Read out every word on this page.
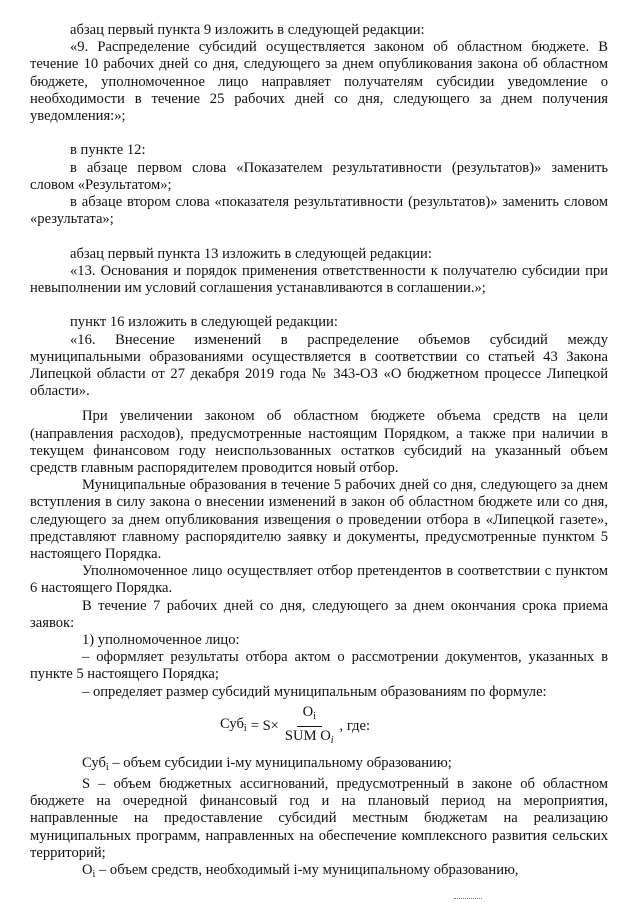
абзац первый пункта 9 изложить в следующей редакции:

«9. Распределение субсидий осуществляется законом об областном бюджете. В течение 10 рабочих дней со дня, следующего за днем опубликования закона об областном бюджете, уполномоченное лицо направляет получателям субсидии уведомление о необходимости в течение 25 рабочих дней со дня, следующего за днем получения уведомления:»;

в пункте 12:

в абзаце первом слова «Показателем результативности (результатов)» заменить словом «Результатом»;

в абзаце втором слова «показателя результативности (результатов)» заменить словом «результата»;

абзац первый пункта 13 изложить в следующей редакции:

«13. Основания и порядок применения ответственности к получателю субсидии при невыполнении им условий соглашения устанавливаются в соглашении.»;

пункт 16 изложить в следующей редакции:

«16. Внесение изменений в распределение объемов субсидий между муниципальными образованиями осуществляется в соответствии со статьей 43 Закона Липецкой области от 27 декабря 2019 года № 343-ОЗ «О бюджетном процессе Липецкой области».

При увеличении законом об областном бюджете объема средств на цели (направления расходов), предусмотренные настоящим Порядком, а также при наличии в текущем финансовом году неиспользованных остатков субсидий на указанный объем средств главным распорядителем проводится новый отбор.

Муниципальные образования в течение 5 рабочих дней со дня, следующего за днем вступления в силу закона о внесении изменений в закон об областном бюджете или со дня, следующего за днем опубликования извещения о проведении отбора в «Липецкой газете», представляют главному распорядителю заявку и документы, предусмотренные пунктом 5 настоящего Порядка.

Уполномоченное лицо осуществляет отбор претендентов в соответствии с пунктом 6 настоящего Порядка.

В течение 7 рабочих дней со дня, следующего за днем окончания срока приема заявок:

1) уполномоченное лицо:

– оформляет результаты отбора актом о рассмотрении документов, указанных в пункте 5 настоящего Порядка;

– определяет размер субсидий муниципальным образованиям по формуле:

$Суб_i = S\times \frac{O_i}{SUM O_i}$ , где:

Суб$_i$ – объем субсидии i-му муниципальному образованию;

S – объем бюджетных ассигнований, предусмотренный в законе об областном бюджете на очередной финансовый год и на плановый период на мероприятия, направленные на предоставление субсидий местным бюджетам на реализацию муниципальных программ, направленных на обеспечение комплексного развития сельских территорий;

$O_i$ – объем средств, необходимый i-му муниципальному образованию,
